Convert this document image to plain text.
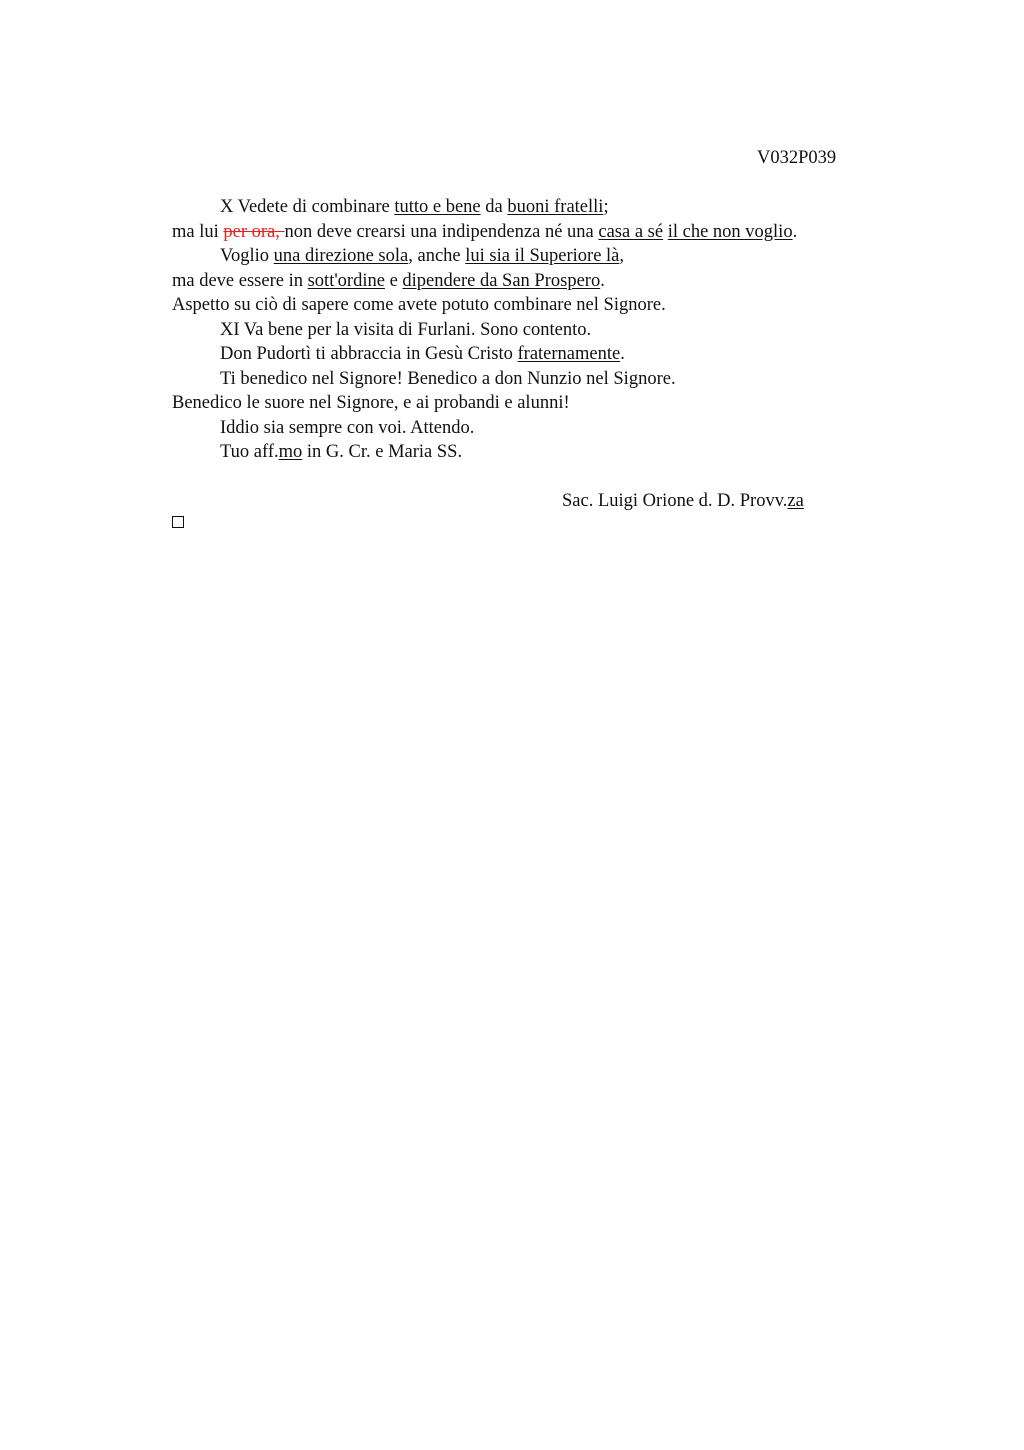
V032P039
X Vedete di combinare tutto e bene da buoni fratelli;
ma lui per ora, non deve crearsi una indipendenza né una casa a sé il che non voglio.
Voglio una direzione sola, anche lui sia il Superiore là,
ma deve essere in sott'ordine e dipendere da San Prospero.
Aspetto su ciò di sapere come avete potuto combinare nel Signore.
XI Va bene per la visita di Furlani. Sono contento.
Don Pudortì ti abbraccia in Gesù Cristo fraternamente.
Ti benedico nel Signore! Benedico a don Nunzio nel Signore.
Benedico le suore nel Signore, e ai probandi e alunni!
Iddio sia sempre con voi. Attendo.
Tuo aff.mo in G. Cr. e Maria SS.
Sac. Luigi Orione d. D. Provv.za
